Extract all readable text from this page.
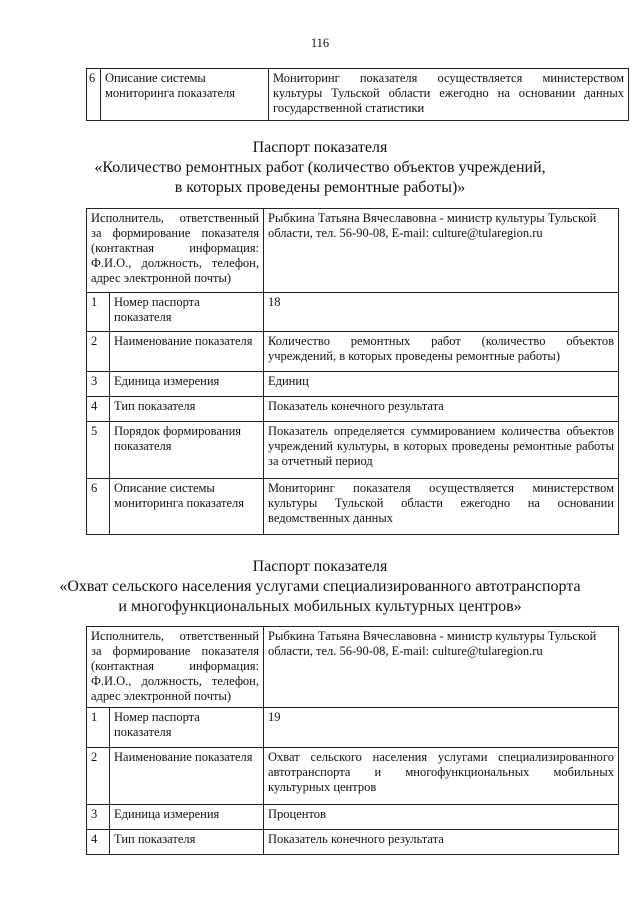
116
6	Описание системы мониторинга показателя	Мониторинг показателя осуществляется министерством культуры Тульской области ежегодно на основании данных государственной статистики
Паспорт показателя
«Количество ремонтных работ (количество объектов учреждений,
в которых проведены ремонтные работы)»
Исполнитель, ответственный за формирование показателя (контактная информация: Ф.И.О., должность, телефон, адрес электронной почты)		Рыбкина Татьяна Вячеславовна - министр культуры Тульской области, тел. 56-90-08, E-mail: culture@tularegion.ru
1	Номер паспорта показателя	18
2	Наименование показателя	Количество ремонтных работ (количество объектов учреждений, в которых проведены ремонтные работы)
3	Единица измерения	Единиц
4	Тип показателя	Показатель конечного результата
5	Порядок формирования показателя	Показатель определяется суммированием количества объектов учреждений культуры, в которых проведены ремонтные работы за отчетный период
6	Описание системы мониторинга показателя	Мониторинг показателя осуществляется министерством культуры Тульской области ежегодно на основании ведомственных данных
Паспорт показателя
«Охват сельского населения услугами специализированного автотранспорта
и многофункциональных мобильных культурных центров»
Исполнитель, ответственный за формирование показателя (контактная информация: Ф.И.О., должность, телефон, адрес электронной почты)		Рыбкина Татьяна Вячеславовна - министр культуры Тульской области, тел. 56-90-08, E-mail: culture@tularegion.ru
1	Номер паспорта показателя	19
2	Наименование показателя	Охват сельского населения услугами специализированного автотранспорта и многофункциональных мобильных культурных центров
3	Единица измерения	Процентов
4	Тип показателя	Показатель конечного результата
